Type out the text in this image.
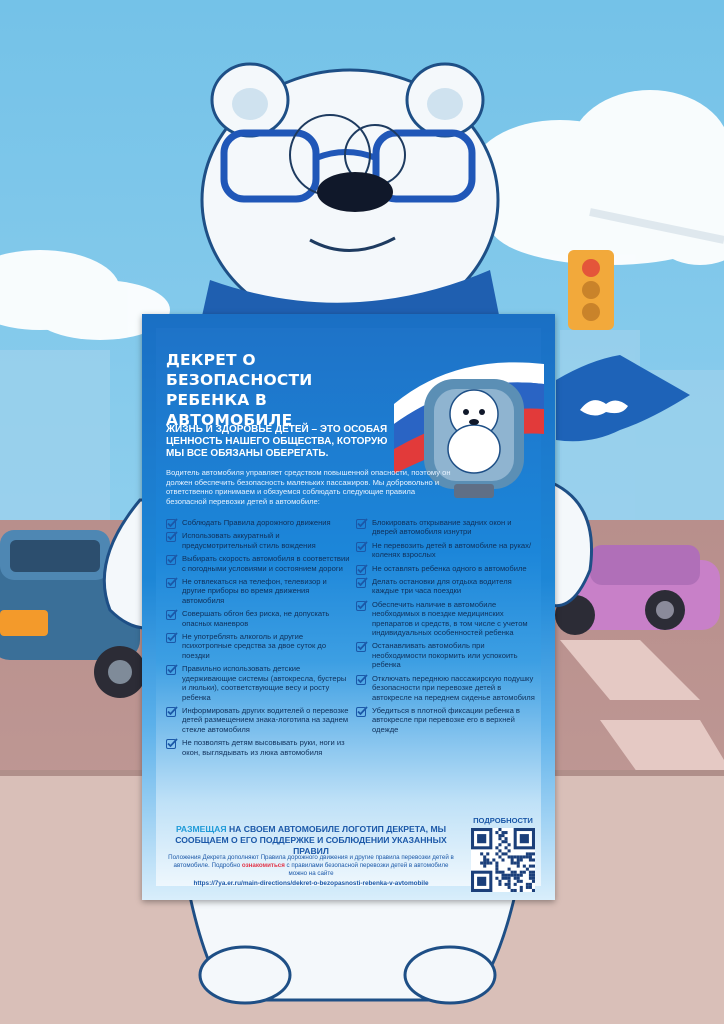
ДЕКРЕТ О БЕЗОПАСНОСТИ РЕБЕНКА В АВТОМОБИЛЕ
ЖИЗНЬ И ЗДОРОВЬЕ ДЕТЕЙ – ЭТО ОСОБАЯ ЦЕННОСТЬ НАШЕГО ОБЩЕСТВА, КОТОРУЮ МЫ ВСЕ ОБЯЗАНЫ ОБЕРЕГАТЬ.
Водитель автомобиля управляет средством повышенной опасности, поэтому он должен обеспечить безопасность маленьких пассажиров. Мы добровольно и ответственно принимаем и обязуемся соблюдать следующие правила безопасной перевозки детей в автомобиле:
Соблюдать Правила дорожного движения
Использовать аккуратный и предусмотрительный стиль вождения
Выбирать скорость автомобиля в соответствии с погодными условиями и состоянием дороги
Не отвлекаться на телефон, телевизор и другие приборы во время движения автомобиля
Совершать обгон без риска, не допускать опасных маневров
Не употреблять алкоголь и другие психотропные средства за двое суток до поездки
Правильно использовать детские удерживающие системы (автокресла, бустеры и люльки), соответствующие весу и росту ребенка
Информировать других водителей о перевозке детей размещением знака-логотипа на заднем стекле автомобиля
Не позволять детям высовывать руки, ноги из окон, выглядывать из люка автомобиля
Блокировать открывание задних окон и дверей автомобиля изнутри
Не перевозить детей в автомобиле на руках/коленях взрослых
Не оставлять ребенка одного в автомобиле
Делать остановки для отдыха водителя каждые три часа поездки
Обеспечить наличие в автомобиле необходимых в поездке медицинских препаратов и средств, в том числе с учетом индивидуальных особенностей ребенка
Останавливать автомобиль при необходимости покормить или успокоить ребенка
Отключать переднюю пассажирскую подушку безопасности при перевозке детей в автокресле на переднем сиденье автомобиля
Убедиться в плотной фиксации ребенка в автокресле при перевозке его в верхней одежде
РАЗМЕЩАЯ НА СВОЕМ АВТОМОБИЛЕ ЛОГОТИП ДЕКРЕТА, МЫ СООБЩАЕМ О ЕГО ПОДДЕРЖКЕ И СОБЛЮДЕНИИ УКАЗАННЫХ ПРАВИЛ
Положения Декрета дополняют Правила дорожного движения и другие правила перевозки детей в автомобиле. Подробно ознакомиться с правилами безопасной перевозки детей в автомобиле можно на сайте
https://7ya.er.ru/main-directions/dekret-o-bezopasnosti-rebenka-v-avtomobile
ПОДРОБНОСТИ
